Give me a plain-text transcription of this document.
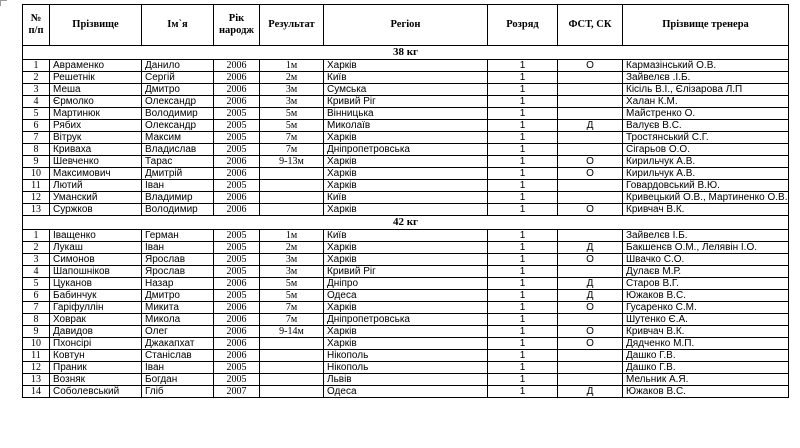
№ п/п	Прізвище	Ім`я	Рік народж	Результат	Регіон	Розряд	ФСТ, СК	Прізвище тренера
38 кг								
1	Авраменко	Данило	2006	1м	Харків	1	О	Кармазінський О.В.
2	Решетнік	Сергій	2006	2м	Київ	1		Зайвелєв .І.Б.
3	Меша	Дмитро	2006	3м	Сумська	1		Кісіль В.І., Єлізарова Л.П
4	Єрмолко	Олександр	2006	3м	Кривий Ріг	1		Халан К.М.
5	Мартинюк	Володимир	2005	5м	Вінницька	1		Майстренко О.
6	Рябих	Олександр	2005	5м	Миколаїв	1	Д	Валуєв В.С.
7	Вітрук	Максим	2005	7м	Харків	1		Тростянський С.Г.
8	Криваха	Владислав	2005	7м	Дніпропетровська	1		Сігарьов О.О.
9	Шевченко	Тарас	2006	9-13м	Харків	1	О	Кирильчук А.В.
10	Максимович	Дмитрій	2006		Харків	1	О	Кирильчук А.В.
11	Лютий	Іван	2005		Харків	1		Говардовський В.Ю.
12	Уманский	Владимир	2006		Київ	1		Кривецький О.В., Мартиненко О.В.
13	Суржков	Володимир	2006		Харків	1	О	Кривчач В.К.
42 кг								
1	Іващенко	Герман	2005	1м	Київ	1		Зайвелєв І.Б.
2	Лукаш	Іван	2005	2м	Харків	1	Д	Бакшенєв О.М., Лелявін І.О.
3	Симонов	Ярослав	2005	3м	Харків	1	О	Швачко С.О.
4	Шапошніков	Ярослав	2005	3м	Кривий Ріг	1		Дулаєв М.Р.
5	Цуканов	Назар	2006	5м	Дніпро	1	Д	Старов В.Г.
6	Бабинчук	Дмитро	2005	5м	Одеса	1	Д	Южаков В.С.
7	Гаріфуллін	Микита	2006	7м	Харків	1	О	Гусаренко С.М.
8	Ховрак	Микола	2006	7м	Дніпропетровська	1		Шутенко Є.А.
9	Давидов	Олег	2006	9-14м	Харків	1	О	Кривчач В.К.
10	Пхонсірі	Джакапхат	2006		Харків	1	О	Дядченко М.П.
11	Ковтун	Станіслав	2006		Нікополь	1		Дашко Г.В.
12	Праник	Іван	2005		Нікополь	1		Дашко Г.В.
13	Возняк	Богдан	2005		Львів	1		Мельник А.Я.
14	Соболевський	Гліб	2007		Одеса	1	Д	Южаков В.С.
